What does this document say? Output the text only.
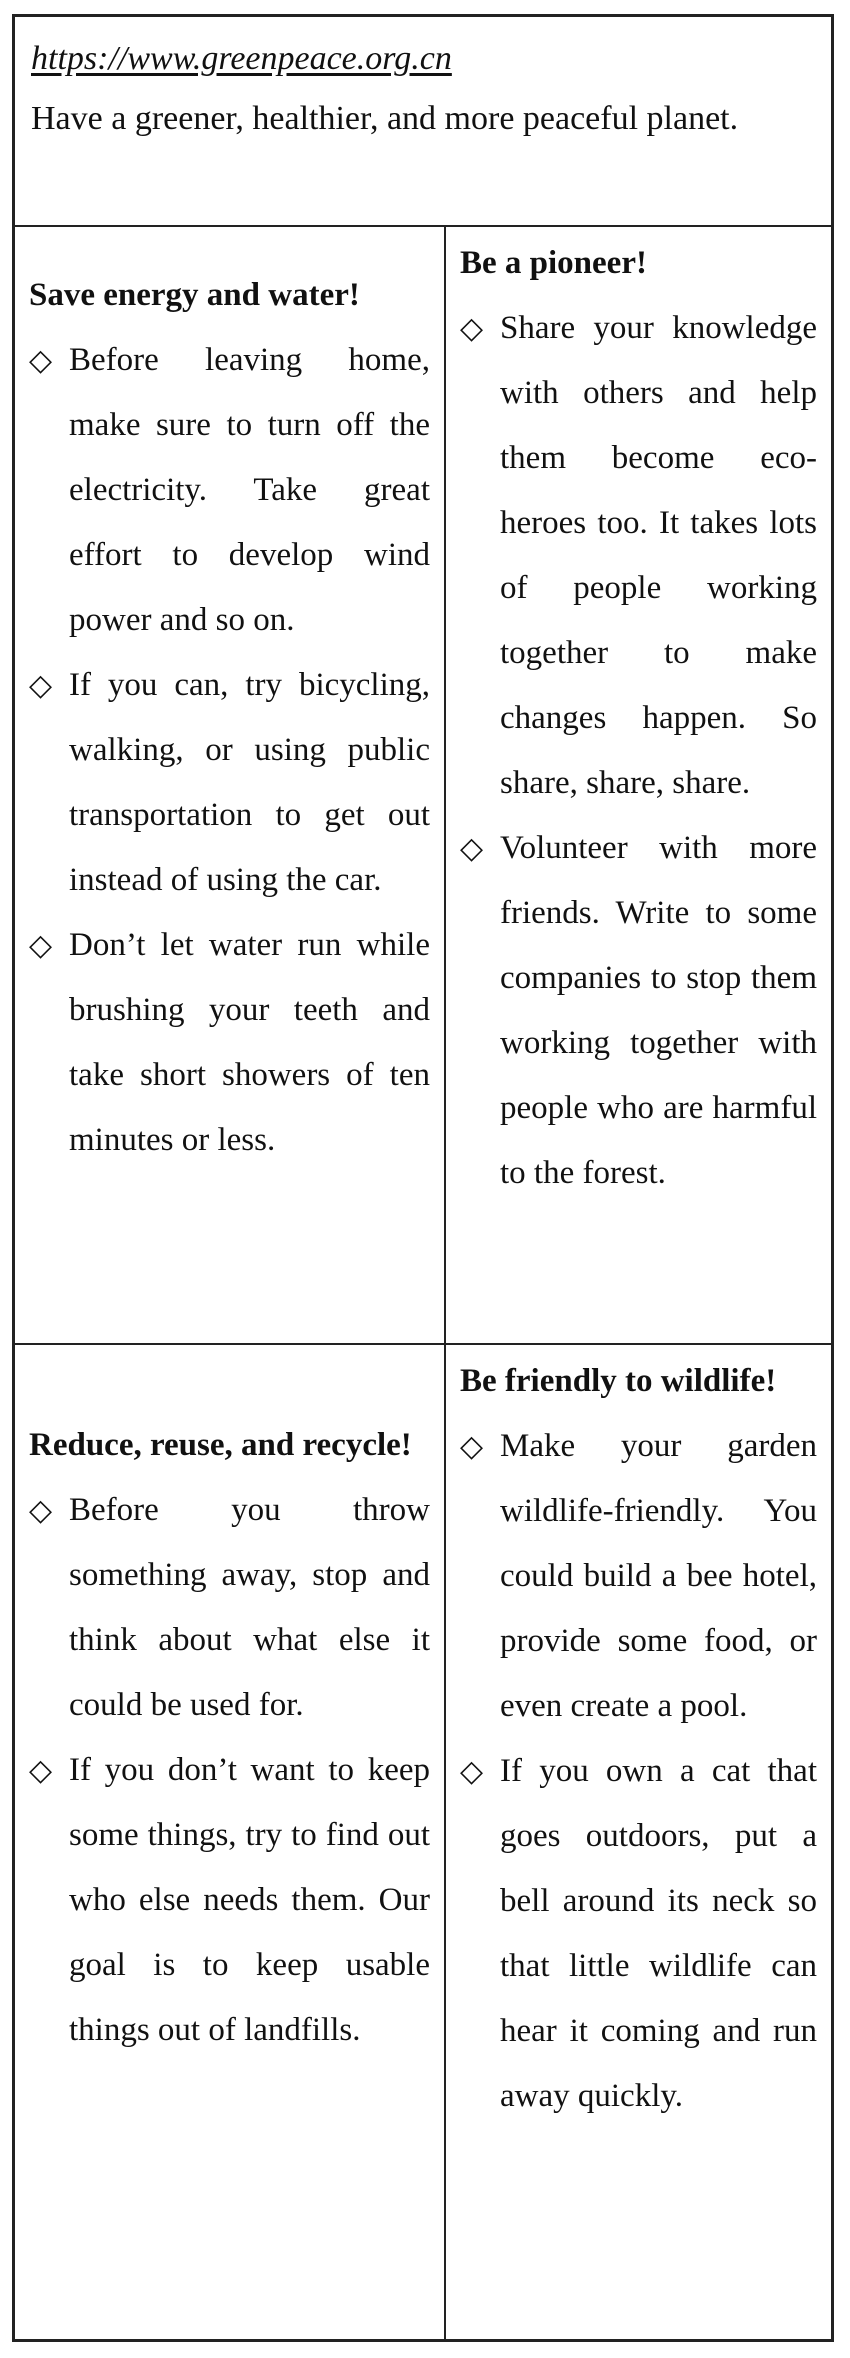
https://www.greenpeace.org.cn
Have a greener, healthier, and more peaceful planet.
Save energy and water!
◇ Before leaving home, make sure to turn off the electricity. Take great effort to develop wind power and so on.
◇ If you can, try bicycling, walking, or using public transportation to get out instead of using the car.
◇ Don’t let water run while brushing your teeth and take short showers of ten minutes or less.
Be a pioneer!
◇ Share your knowledge with others and help them become eco-heroes too. It takes lots of people working together to make changes happen. So share, share, share.
◇ Volunteer with more friends. Write to some companies to stop them working together with people who are harmful to the forest.
Reduce, reuse, and recycle!
◇ Before you throw something away, stop and think about what else it could be used for.
◇ If you don’t want to keep some things, try to find out who else needs them. Our goal is to keep usable things out of landfills.
Be friendly to wildlife!
◇ Make your garden wildlife-friendly. You could build a bee hotel, provide some food, or even create a pool.
◇ If you own a cat that goes outdoors, put a bell around its neck so that little wildlife can hear it coming and run away quickly.
